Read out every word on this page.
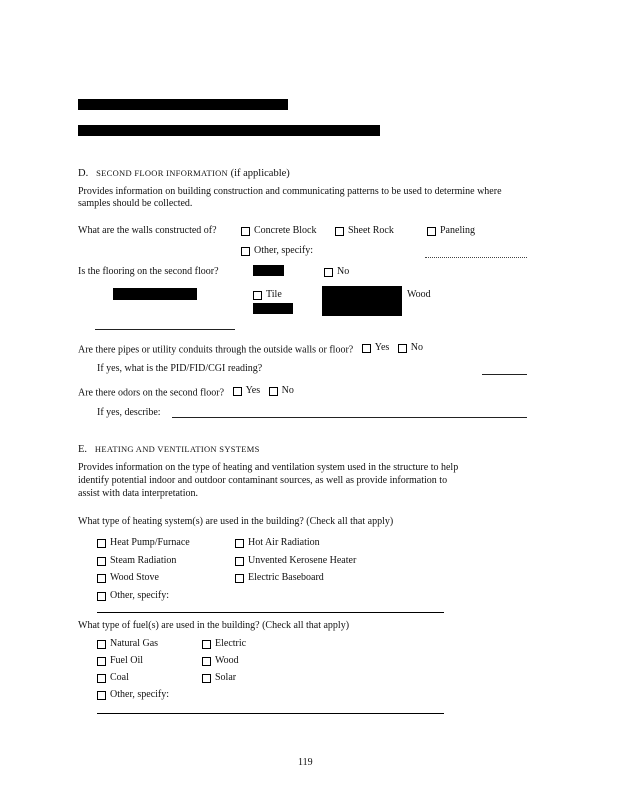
D. SECOND FLOOR INFORMATION (if applicable)
Provides information on building construction and communicating patterns to be used to determine where
samples should be collected.
What are the walls constructed of?	Concrete Block	Sheet Rock	Paneling
Other, specify:
Is the flooring on the second floor?	No
Tile	Wood
Are there pipes or utility conduits through the outside walls or floor? Yes
No
If yes, what is the PID/FID/CGI reading?
Are there odors on the second floor? Yes
No
If yes, describe:
E. HEATING AND VENTILATION SYSTEMS
Provides information on the type of heating and ventilation system used in the structure to help
identify potential indoor and outdoor contaminant sources, as well as provide information to
assist with data interpretation.
What type of heating system(s) are used in the building? (Check all that apply)
Heat Pump/Furnace	Hot Air Radiation
Steam Radiation	Unvented Kerosene Heater
Wood Stove	Electric Baseboard
Other, specify:
What type of fuel(s) are used in the building? (Check all that apply)
Natural Gas	Electric
Fuel Oil	Wood
Coal	Solar
Other, specify:
119
